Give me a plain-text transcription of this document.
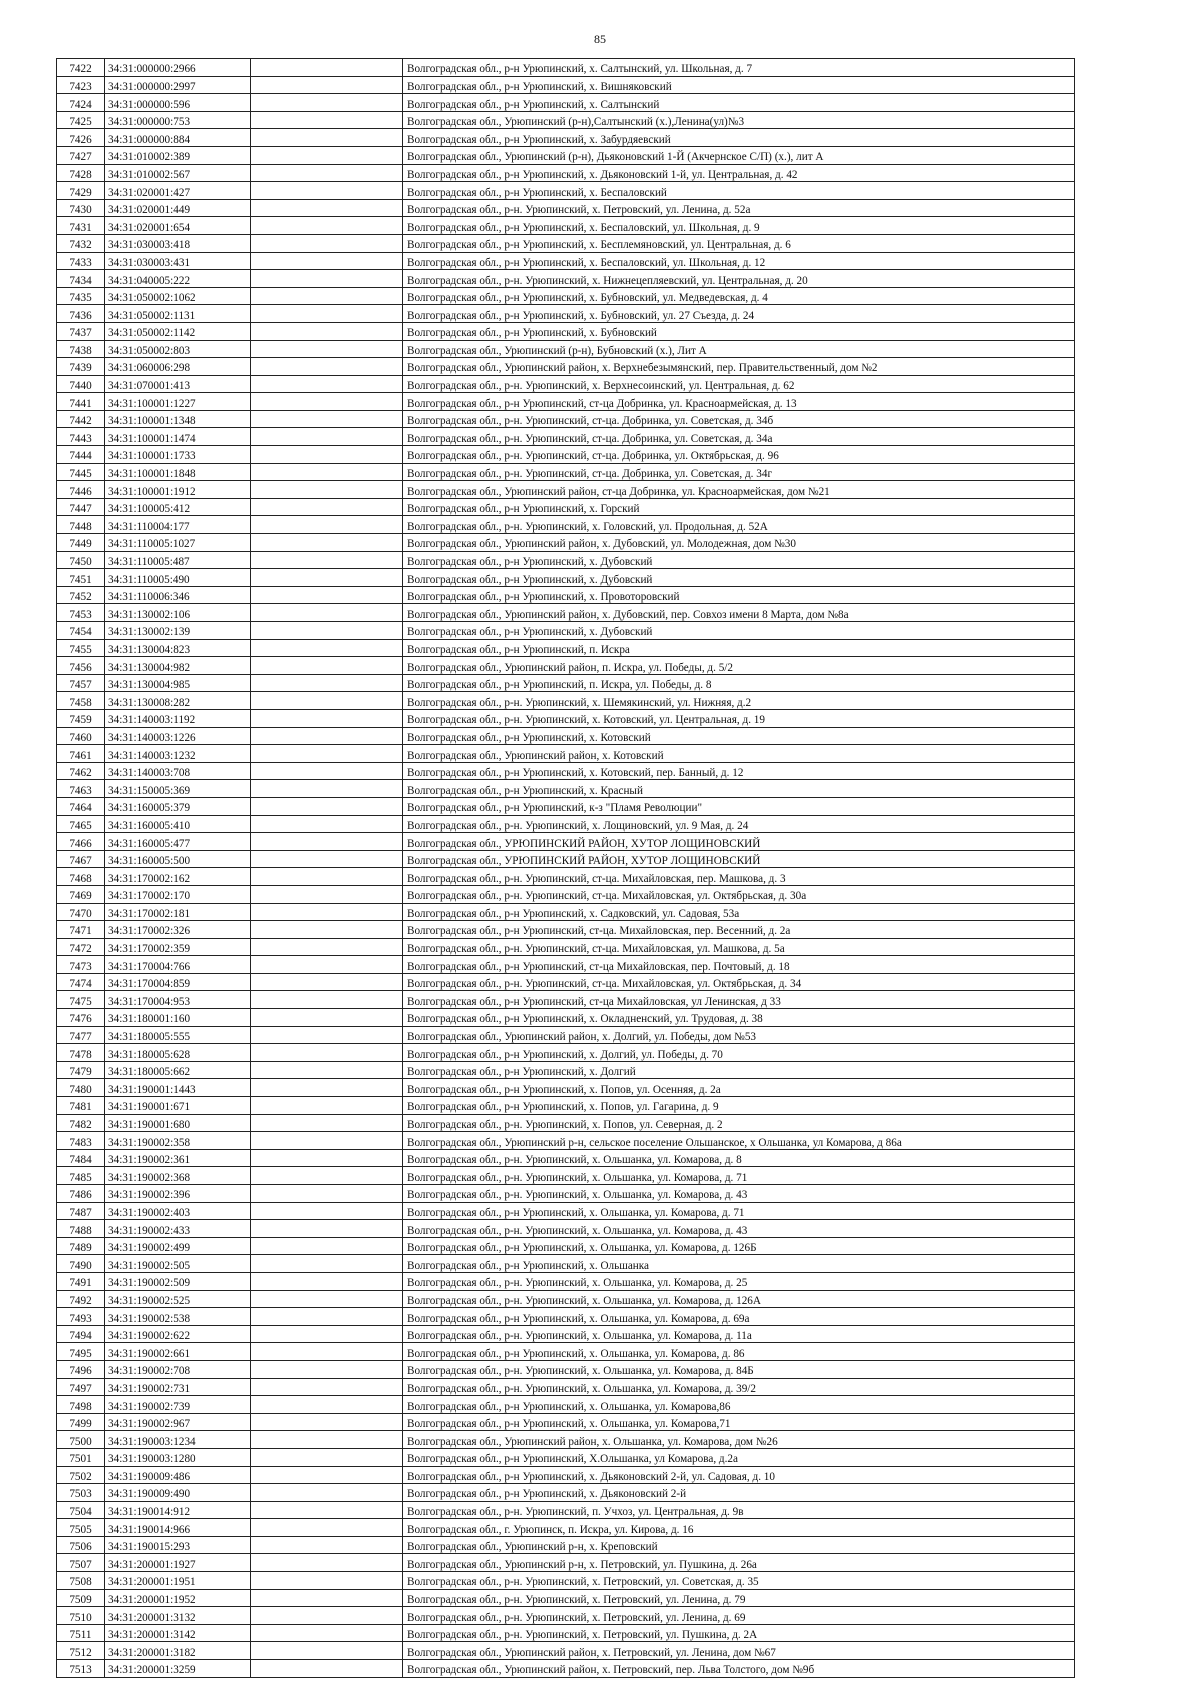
85
7422	34:31:000000:2966		Волгоградская обл., р-н Урюпинский, х. Салтынский, ул. Школьная, д. 7
7423	34:31:000000:2997		Волгоградская обл., р-н Урюпинский, х. Вишняковский
7424	34:31:000000:596		Волгоградская обл., р-н Урюпинский, х. Салтынский
7425	34:31:000000:753		Волгоградская обл., Урюпинский (р-н),Салтынский (х.),Ленина(ул)№3
7426	34:31:000000:884		Волгоградская обл., р-н Урюпинский, х. Забурдяевский
7427	34:31:010002:389		Волгоградская обл., Урюпинский (р-н), Дьяконовский 1-Й (Акчернское С/П) (х.), лит А
7428	34:31:010002:567		Волгоградская обл., р-н Урюпинский, х. Дьяконовский 1-й, ул. Центральная, д. 42
7429	34:31:020001:427		Волгоградская обл., р-н Урюпинский, х. Беспаловский
7430	34:31:020001:449		Волгоградская обл., р-н. Урюпинский, х. Петровский, ул. Ленина, д. 52а
7431	34:31:020001:654		Волгоградская обл., р-н Урюпинский, х. Беспаловский, ул. Школьная, д. 9
7432	34:31:030003:418		Волгоградская обл., р-н Урюпинский, х. Бесплемяновский, ул. Центральная, д. 6
7433	34:31:030003:431		Волгоградская обл., р-н Урюпинский, х. Беспаловский, ул. Школьная, д. 12
7434	34:31:040005:222		Волгоградская обл., р-н. Урюпинский, х. Нижнецепляевский, ул. Центральная, д. 20
7435	34:31:050002:1062		Волгоградская обл., р-н Урюпинский, х. Бубновский, ул. Медведевская, д. 4
7436	34:31:050002:1131		Волгоградская обл., р-н Урюпинский, х. Бубновский, ул. 27 Съезда, д. 24
7437	34:31:050002:1142		Волгоградская обл., р-н Урюпинский, х. Бубновский
7438	34:31:050002:803		Волгоградская обл., Урюпинский (р-н), Бубновский (х.), Лит А
7439	34:31:060006:298		Волгоградская обл., Урюпинский район, х. Верхнебезымянский, пер. Правительственный, дом №2
7440	34:31:070001:413		Волгоградская обл., р-н. Урюпинский, х. Верхнесоинский, ул. Центральная, д. 62
7441	34:31:100001:1227		Волгоградская обл., р-н Урюпинский, ст-ца Добринка, ул. Красноармейская, д. 13
7442	34:31:100001:1348		Волгоградская обл., р-н. Урюпинский, ст-ца. Добринка, ул. Советская, д. 34б
7443	34:31:100001:1474		Волгоградская обл., р-н. Урюпинский, ст-ца. Добринка, ул. Советская, д. 34а
7444	34:31:100001:1733		Волгоградская обл., р-н. Урюпинский, ст-ца. Добринка, ул. Октябрьская, д. 96
7445	34:31:100001:1848		Волгоградская обл., р-н. Урюпинский, ст-ца. Добринка, ул. Советская, д. 34г
7446	34:31:100001:1912		Волгоградская обл., Урюпинский район, ст-ца Добринка, ул. Красноармейская, дом №21
7447	34:31:100005:412		Волгоградская обл., р-н Урюпинский, х. Горский
7448	34:31:110004:177		Волгоградская обл., р-н. Урюпинский, х. Головский, ул. Продольная, д. 52А
7449	34:31:110005:1027		Волгоградская обл., Урюпинский район, х. Дубовский, ул. Молодежная, дом №30
7450	34:31:110005:487		Волгоградская обл., р-н Урюпинский, х. Дубовский
7451	34:31:110005:490		Волгоградская обл., р-н Урюпинский, х. Дубовский
7452	34:31:110006:346		Волгоградская обл., р-н Урюпинский, х. Провоторовский
7453	34:31:130002:106		Волгоградская обл., Урюпинский район, х. Дубовский, пер. Совхоз имени 8 Марта, дом №8а
7454	34:31:130002:139		Волгоградская обл., р-н Урюпинский, х. Дубовский
7455	34:31:130004:823		Волгоградская обл., р-н Урюпинский, п. Искра
7456	34:31:130004:982		Волгоградская обл., Урюпинский район, п. Искра, ул. Победы, д. 5/2
7457	34:31:130004:985		Волгоградская обл., р-н Урюпинский, п. Искра, ул. Победы, д. 8
7458	34:31:130008:282		Волгоградская обл., р-н. Урюпинский, х. Шемякинский, ул. Нижняя, д.2
7459	34:31:140003:1192		Волгоградская обл., р-н. Урюпинский, х. Котовский, ул. Центральная, д. 19
7460	34:31:140003:1226		Волгоградская обл., р-н Урюпинский, х. Котовский
7461	34:31:140003:1232		Волгоградская обл., Урюпинский район, х. Котовский
7462	34:31:140003:708		Волгоградская обл., р-н Урюпинский, х. Котовский, пер. Банный, д. 12
7463	34:31:150005:369		Волгоградская обл., р-н Урюпинский, х. Красный
7464	34:31:160005:379		Волгоградская обл., р-н Урюпинский, к-з "Пламя Революции"
7465	34:31:160005:410		Волгоградская обл., р-н. Урюпинский, х. Лощиновский, ул. 9 Мая, д. 24
7466	34:31:160005:477		Волгоградская обл., УРЮПИНСКИЙ РАЙОН, ХУТОР ЛОЩИНОВСКИЙ
7467	34:31:160005:500		Волгоградская обл., УРЮПИНСКИЙ РАЙОН, ХУТОР ЛОЩИНОВСКИЙ
7468	34:31:170002:162		Волгоградская обл., р-н. Урюпинский, ст-ца. Михайловская, пер. Машкова, д. 3
7469	34:31:170002:170		Волгоградская обл., р-н. Урюпинский, ст-ца. Михайловская, ул. Октябрьская, д. 30а
7470	34:31:170002:181		Волгоградская обл., р-н Урюпинский, х. Садковский, ул. Садовая, 53а
7471	34:31:170002:326		Волгоградская обл., р-н Урюпинский, ст-ца. Михайловская, пер. Весенний, д. 2а
7472	34:31:170002:359		Волгоградская обл., р-н. Урюпинский, ст-ца. Михайловская, ул. Машкова, д. 5а
7473	34:31:170004:766		Волгоградская обл., р-н Урюпинский, ст-ца Михайловская, пер. Почтовый, д. 18
7474	34:31:170004:859		Волгоградская обл., р-н. Урюпинский, ст-ца. Михайловская, ул. Октябрьская, д. 34
7475	34:31:170004:953		Волгоградская обл., р-н Урюпинский, ст-ца Михайловская, ул Ленинская, д 33
7476	34:31:180001:160		Волгоградская обл., р-н Урюпинский, х. Окладненский, ул. Трудовая, д. 38
7477	34:31:180005:555		Волгоградская обл., Урюпинский район, х. Долгий, ул. Победы, дом №53
7478	34:31:180005:628		Волгоградская обл., р-н Урюпинский, х. Долгий, ул. Победы, д. 70
7479	34:31:180005:662		Волгоградская обл., р-н Урюпинский, х. Долгий
7480	34:31:190001:1443		Волгоградская обл., р-н Урюпинский, х. Попов, ул. Осенняя, д. 2а
7481	34:31:190001:671		Волгоградская обл., р-н Урюпинский, х. Попов, ул. Гагарина, д. 9
7482	34:31:190001:680		Волгоградская обл., р-н. Урюпинский, х. Попов, ул. Северная, д. 2
7483	34:31:190002:358		Волгоградская обл., Урюпинский р-н, сельское поселение Ольшанское, х Ольшанка, ул Комарова, д 86а
7484	34:31:190002:361		Волгоградская обл., р-н. Урюпинский, х. Ольшанка, ул. Комарова, д. 8
7485	34:31:190002:368		Волгоградская обл., р-н. Урюпинский, х. Ольшанка, ул. Комарова, д. 71
7486	34:31:190002:396		Волгоградская обл., р-н. Урюпинский, х. Ольшанка, ул. Комарова, д. 43
7487	34:31:190002:403		Волгоградская обл., р-н Урюпинский, х. Ольшанка, ул. Комарова, д. 71
7488	34:31:190002:433		Волгоградская обл., р-н. Урюпинский, х. Ольшанка, ул. Комарова, д. 43
7489	34:31:190002:499		Волгоградская обл., р-н Урюпинский, х. Ольшанка, ул. Комарова, д. 126Б
7490	34:31:190002:505		Волгоградская обл., р-н Урюпинский, х. Ольшанка
7491	34:31:190002:509		Волгоградская обл., р-н. Урюпинский, х. Ольшанка, ул. Комарова, д. 25
7492	34:31:190002:525		Волгоградская обл., р-н. Урюпинский, х. Ольшанка, ул. Комарова, д. 126А
7493	34:31:190002:538		Волгоградская обл., р-н Урюпинский, х. Ольшанка, ул. Комарова, д. 69а
7494	34:31:190002:622		Волгоградская обл., р-н. Урюпинский, х. Ольшанка, ул. Комарова, д. 11а
7495	34:31:190002:661		Волгоградская обл., р-н Урюпинский, х. Ольшанка, ул. Комарова, д. 86
7496	34:31:190002:708		Волгоградская обл., р-н. Урюпинский, х. Ольшанка, ул. Комарова, д. 84Б
7497	34:31:190002:731		Волгоградская обл., р-н. Урюпинский, х. Ольшанка, ул. Комарова, д. 39/2
7498	34:31:190002:739		Волгоградская обл., р-н Урюпинский, х. Ольшанка, ул. Комарова,86
7499	34:31:190002:967		Волгоградская обл., р-н Урюпинский, х. Ольшанка, ул. Комарова,71
7500	34:31:190003:1234		Волгоградская обл., Урюпинский район, х. Ольшанка, ул. Комарова, дом №26
7501	34:31:190003:1280		Волгоградская обл., р-н Урюпинский, Х.Ольшанка, ул Комарова, д.2а
7502	34:31:190009:486		Волгоградская обл., р-н Урюпинский, х. Дьяконовский 2-й, ул. Садовая, д. 10
7503	34:31:190009:490		Волгоградская обл., р-н Урюпинский, х. Дьяконовский 2-й
7504	34:31:190014:912		Волгоградская обл., р-н. Урюпинский, п. Учхоз, ул. Центральная, д. 9в
7505	34:31:190014:966		Волгоградская обл., г. Урюпинск, п. Искра, ул. Кирова, д. 16
7506	34:31:190015:293		Волгоградская обл., Урюпинский р-н, х. Креповский
7507	34:31:200001:1927		Волгоградская обл., Урюпинский р-н, х. Петровский, ул. Пушкина, д. 26а
7508	34:31:200001:1951		Волгоградская обл., р-н. Урюпинский, х. Петровский, ул. Советская, д. 35
7509	34:31:200001:1952		Волгоградская обл., р-н. Урюпинский, х. Петровский, ул. Ленина, д. 79
7510	34:31:200001:3132		Волгоградская обл., р-н. Урюпинский, х. Петровский, ул. Ленина, д. 69
7511	34:31:200001:3142		Волгоградская обл., р-н. Урюпинский, х. Петровский, ул. Пушкина, д. 2А
7512	34:31:200001:3182		Волгоградская обл., Урюпинский район, х. Петровский, ул. Ленина, дом №67
7513	34:31:200001:3259		Волгоградская обл., Урюпинский район, х. Петровский, пер. Льва Толстого, дом №9б
